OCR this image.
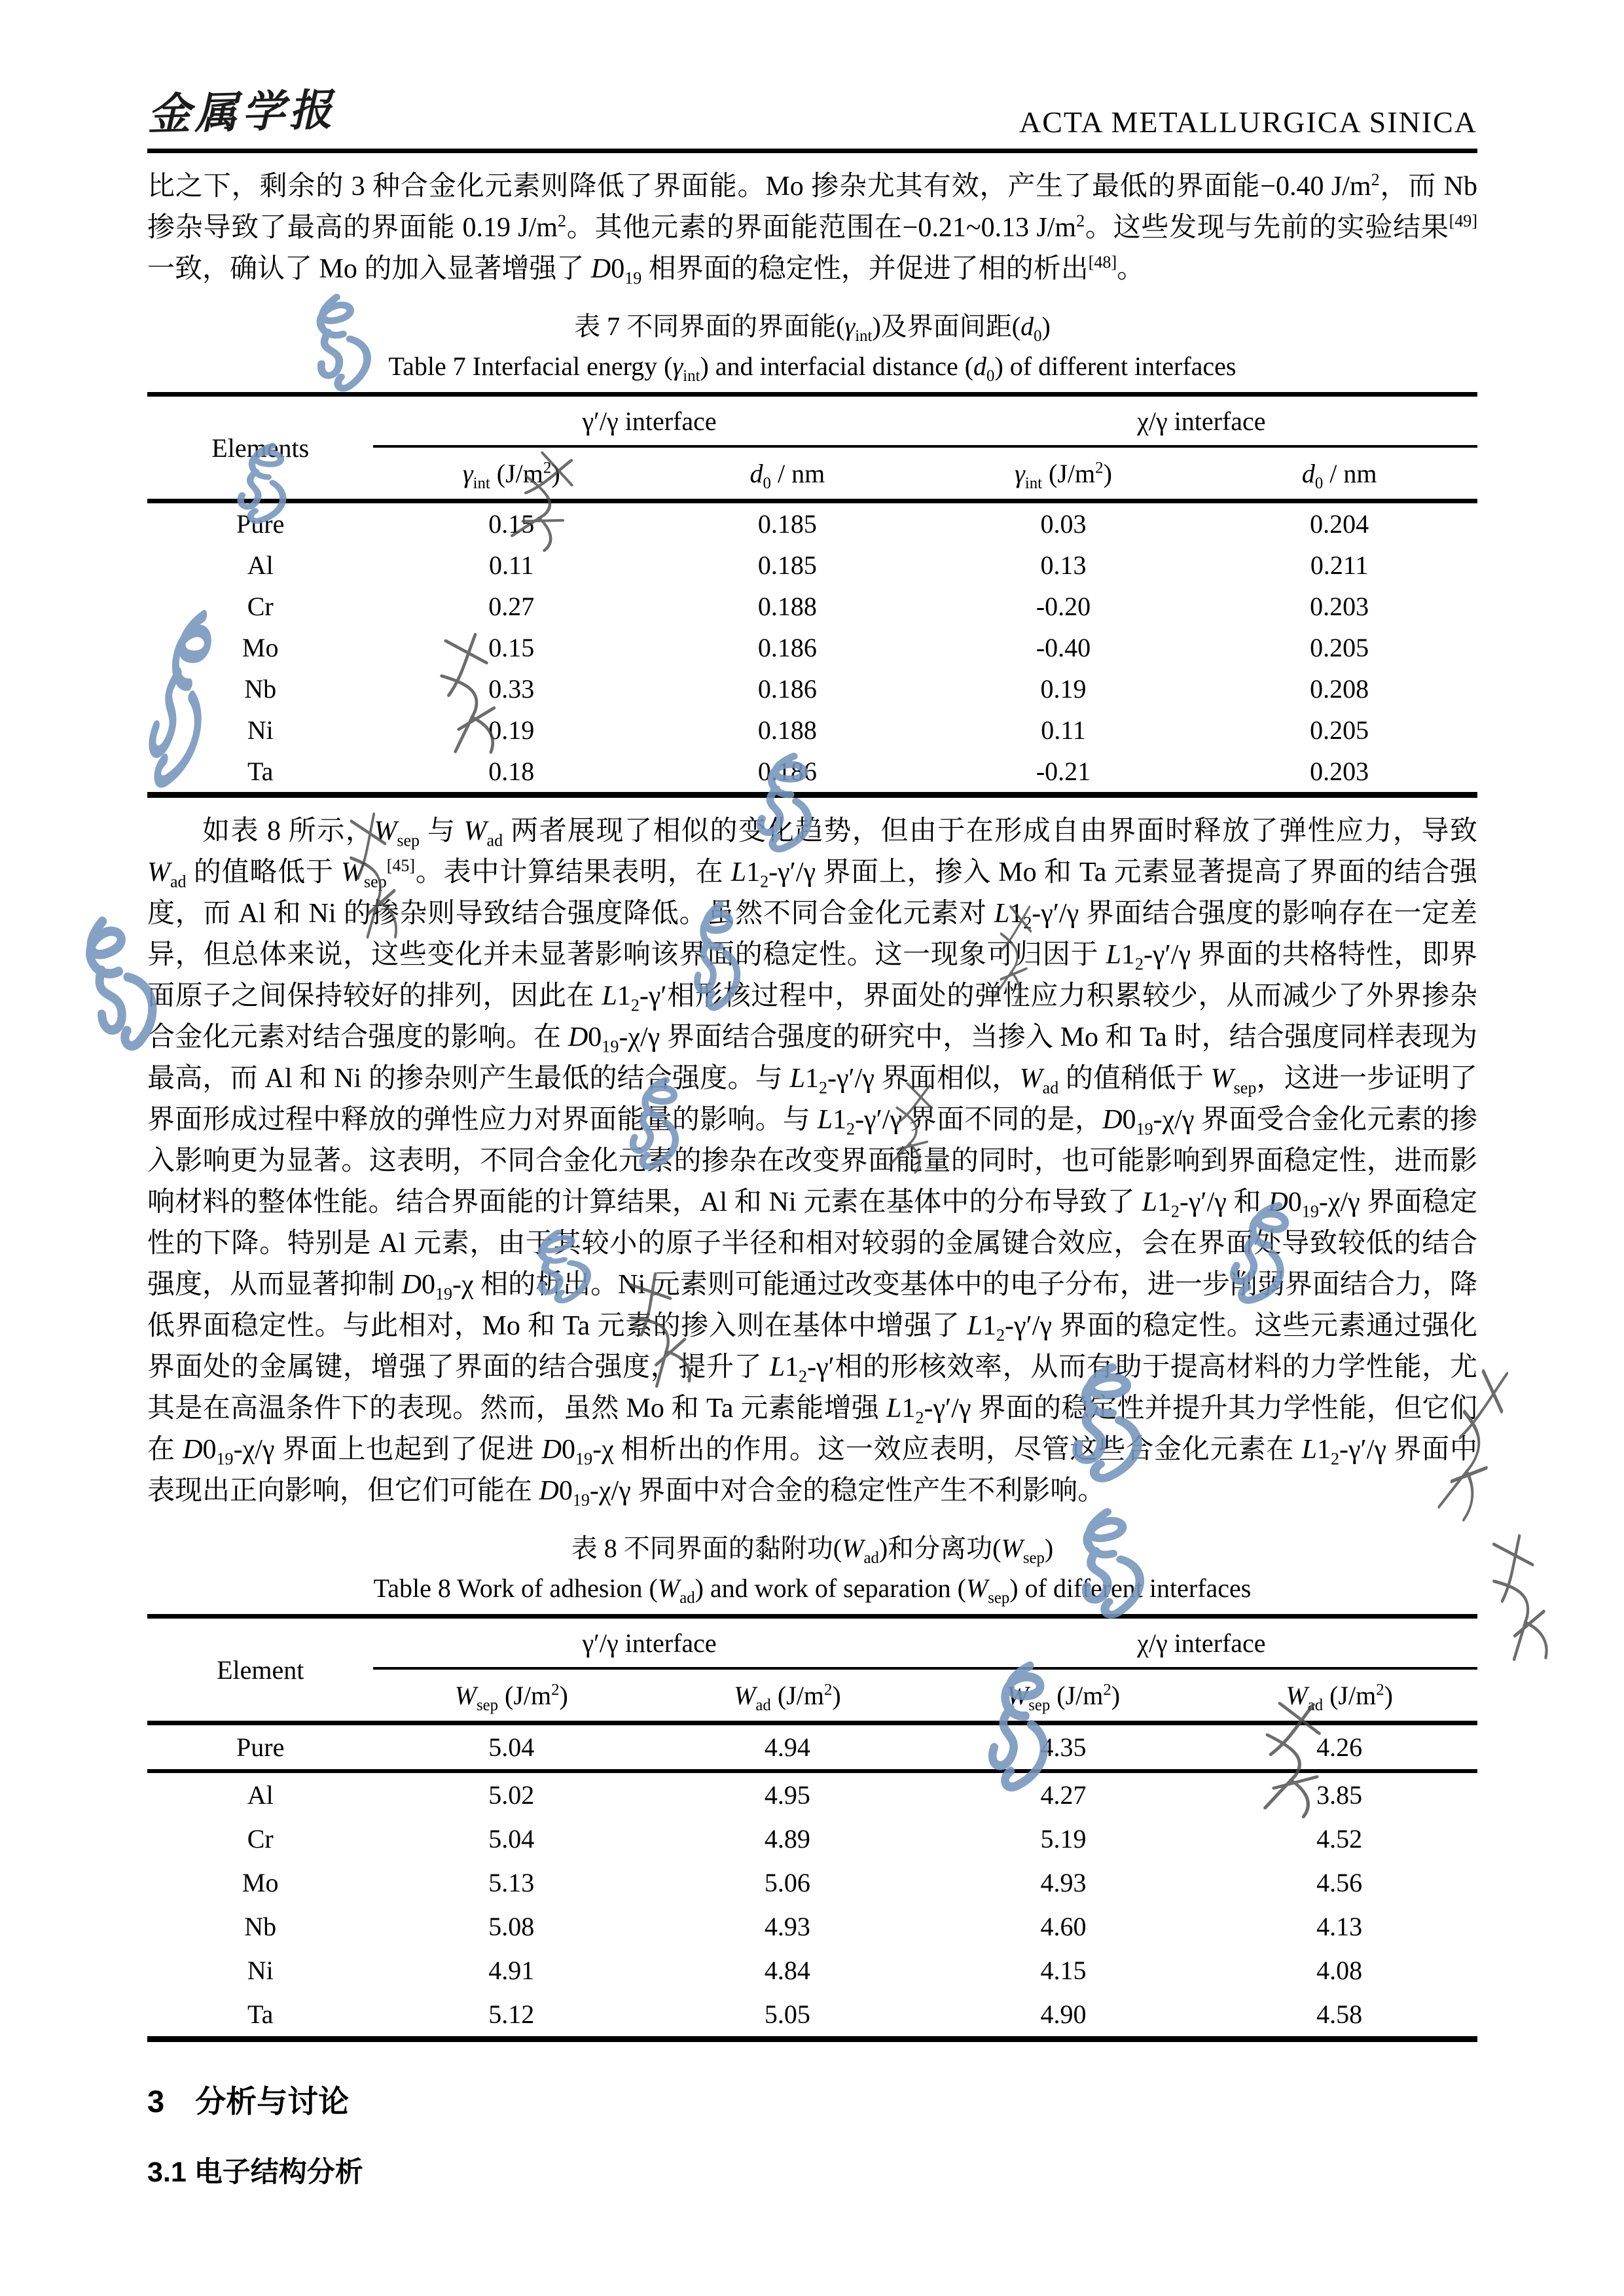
金属学报	ACTA METALLURGICA SINICA

比之下，剩余的 3 种合金化元素则降低了界面能。Mo 掺杂尤其有效，产生了最低的界面能−0.40 $J/m^2$，而 Nb 掺杂导致了最高的界面能 0.19 $J/m^2$。其他元素的界面能范围在−0.21~0.13 $J/m^2$。这些发现与先前的实验结果[49]一致，确认了 Mo 的加入显著增强了 $D0_{19}$ 相界面的稳定性，并促进了相的析出[48]。

表 7 不同界面的界面能$(\gamma_{int})$及界面间距$(d_0)$

Table 7 Interfacial energy $(\gamma_{int})$ and interfacial distance $(d_0)$ of different interfaces

Elements	γ′/γ interface		χ/γ interface	
	$\gamma_{int}$ $(J/m^2)$	$d_0$ / nm	$\gamma_{int}$ $(J/m^2)$	$d_0$ / nm
Pure	0.15	0.185	0.03	0.204
Al	0.11	0.185	0.13	0.211
Cr	0.27	0.188	-0.20	0.203
Mo	0.15	0.186	-0.40	0.205
Nb	0.33	0.186	0.19	0.208
Ni	0.19	0.188	0.11	0.205
Ta	0.18	0.186	-0.21	0.203

如表 8 所示，$W_{sep}$ 与 $W_{ad}$ 两者展现了相似的变化趋势，但由于在形成自由界面时释放了弹性应力，导致 $W_{ad}$ 的值略低于 $W_{sep}[45]$。表中计算结果表明，在 $L1_2-\gamma'/\gamma$ 界面上，掺入 Mo 和 Ta 元素显著提高了界面的结合强度，而 Al 和 Ni 的掺杂则导致结合强度降低。虽然不同合金化元素对 $L1_2-\gamma'/\gamma$ 界面结合强度的影响存在一定差异，但总体来说，这些变化并未显著影响该界面的稳定性。这一现象可归因于 $L1_2-\gamma'/\gamma$ 界面的共格特性，即界面原子之间保持较好的排列，因此在 $L1_2-\gamma'$相形核过程中，界面处的弹性应力积累较少，从而减少了外界掺杂合金化元素对结合强度的影响。在 $D0_{19}-\chi/\gamma$ 界面结合强度的研究中，当掺入 Mo 和 Ta 时，结合强度同样表现为最高，而 Al 和 Ni 的掺杂则产生最低的结合强度。与 $L1_2-\gamma'/\gamma$ 界面相似，$W_{ad}$ 的值稍低于 $W_{sep}$，这进一步证明了界面形成过程中释放的弹性应力对界面能量的影响。与 $L1_2-\gamma'/\gamma$ 界面不同的是，$D0_{19}-\chi/\gamma$ 界面受合金化元素的掺入影响更为显著。这表明，不同合金化元素的掺杂在改变界面能量的同时，也可能影响到界面稳定性，进而影响材料的整体性能。结合界面能的计算结果，Al 和 Ni 元素在基体中的分布导致了 $L1_2-\gamma'/\gamma$ 和 $D0_{19}-\chi/\gamma$ 界面稳定性的下降。特别是 Al 元素，由于其较小的原子半径和相对较弱的金属键合效应，会在界面处导致较低的结合强度，从而显著抑制 $D0_{19}-\chi$ 相的析出。Ni 元素则可能通过改变基体中的电子分布，进一步削弱界面结合力，降低界面稳定性。与此相对，Mo 和 Ta 元素的掺入则在基体中增强了 $L1_2-\gamma'/\gamma$ 界面的稳定性。这些元素通过强化界面处的金属键，增强了界面的结合强度，提升了 $L1_2-\gamma'$相的形核效率，从而有助于提高材料的力学性能，尤其是在高温条件下的表现。然而，虽然 Mo 和 Ta 元素能增强 $L1_2-\gamma'/\gamma$ 界面的稳定性并提升其力学性能，但它们在 $D0_{19}-\chi/\gamma$ 界面上也起到了促进 $D0_{19}-\chi$ 相析出的作用。这一效应表明，尽管这些合金化元素在 $L1_2-\gamma'/\gamma$ 界面中表现出正向影响，但它们可能在 $D0_{19}-\chi/\gamma$ 界面中对合金的稳定性产生不利影响。

表 8 不同界面的黏附功$(W_{ad})$和分离功$(W_{sep})$

Table 8 Work of adhesion $(W_{ad})$ and work of separation $(W_{sep})$ of different interfaces

Element	γ′/γ interface		χ/γ interface	
	$W_{sep}$ $(J/m^2)$	$W_{ad}$ $(J/m^2)$	$W_{sep}$ $(J/m^2)$	$W_{ad}$ $(J/m^2)$
Pure	5.04	4.94	4.35	4.26
Al	5.02	4.95	4.27	3.85
Cr	5.04	4.89	5.19	4.52
Mo	5.13	5.06	4.93	4.56
Nb	5.08	4.93	4.60	4.13
Ni	4.91	4.84	4.15	4.08
Ta	5.12	5.05	4.90	4.58
3　分析与讨论
3.1 电子结构分析
